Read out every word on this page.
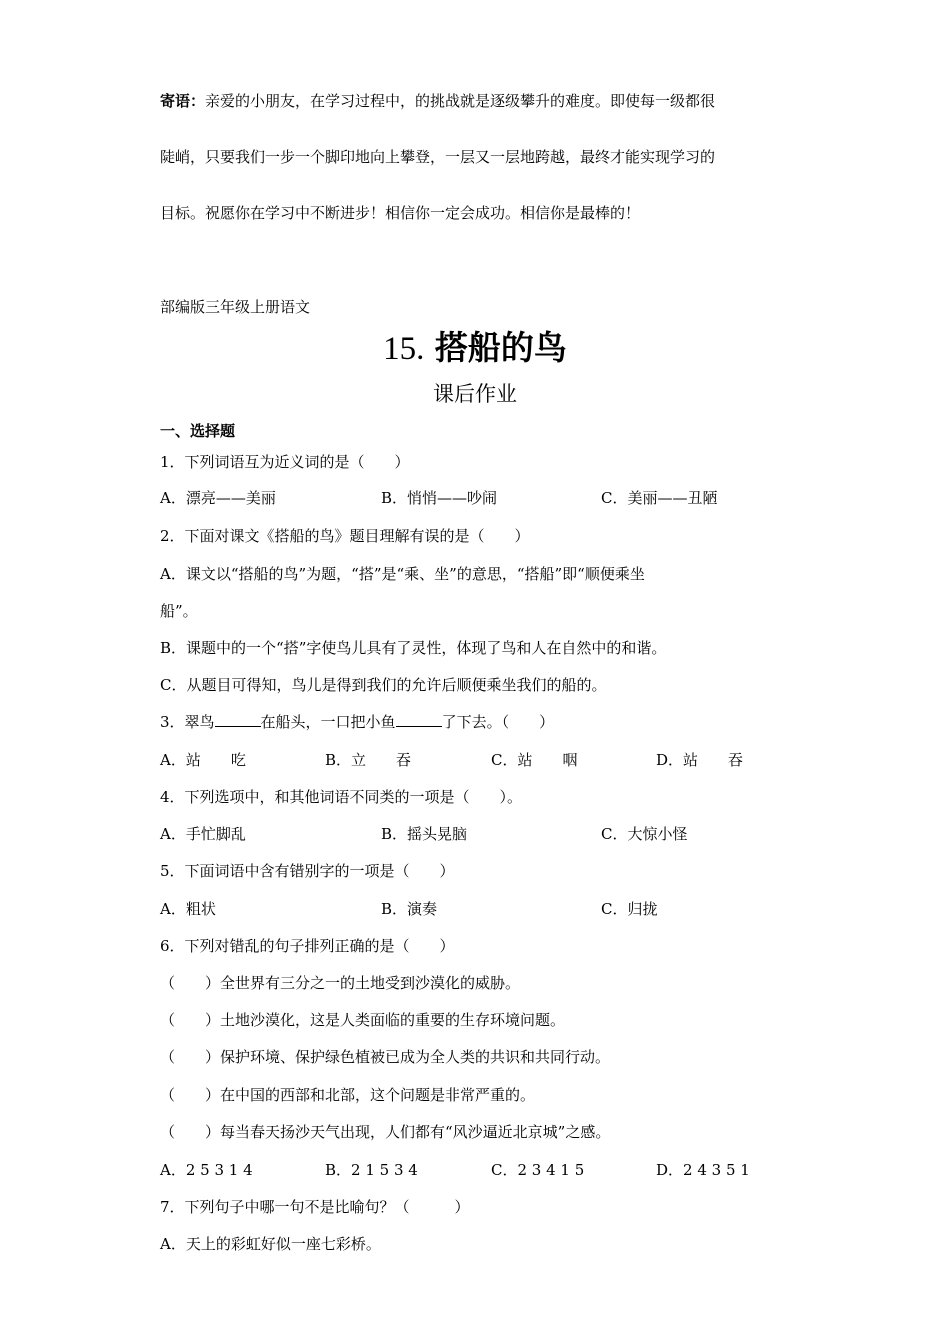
寄语：亲爱的小朋友，在学习过程中，的挑战就是逐级攀升的难度。即使每一级都很
陡峭，只要我们一步一个脚印地向上攀登，一层又一层地跨越，最终才能实现学习的
目标。祝愿你在学习中不断进步！相信你一定会成功。相信你是最棒的！
部编版三年级上册语文
15. 搭船的鸟
课后作业
一、选择题
1．下列词语互为近义词的是（　　）
A．漂亮——美丽	B．悄悄——吵闹	C．美丽——丑陋
2．下面对课文《搭船的鸟》题目理解有误的是（　　）
A．课文以“搭船的鸟”为题，“搭”是“乘、坐”的意思，“搭船”即“顺便乘坐
船”。
B．课题中的一个“搭”字使鸟儿具有了灵性，体现了鸟和人在自然中的和谐。
C．从题目可得知，鸟儿是得到我们的允许后顺便乘坐我们的船的。
3．翠鸟	在船头，一口把小鱼	了下去。（　　）
A．站　　吃	B．立　　吞	C．站　　咽	D．站　　吞
4．下列选项中，和其他词语不同类的一项是（　　）。
A．手忙脚乱	B．摇头晃脑	C．大惊小怪
5．下面词语中含有错别字的一项是（　　）
A．粗状	B．演奏	C．归拢
6．下列对错乱的句子排列正确的是（　　）
（　　）全世界有三分之一的土地受到沙漠化的威胁。
（　　）土地沙漠化，这是人类面临的重要的生存环境问题。
（　　）保护环境、保护绿色植被已成为全人类的共识和共同行动。
（　　）在中国的西部和北部，这个问题是非常严重的。
（　　）每当春天扬沙天气出现，人们都有“风沙逼近北京城”之感。
A．2 5 3 1 4	B．2 1 5 3 4	C．2 3 4 1 5	D．2 4 3 5 1
7．下列句子中哪一句不是比喻句？（　　　）
A．天上的彩虹好似一座七彩桥。
